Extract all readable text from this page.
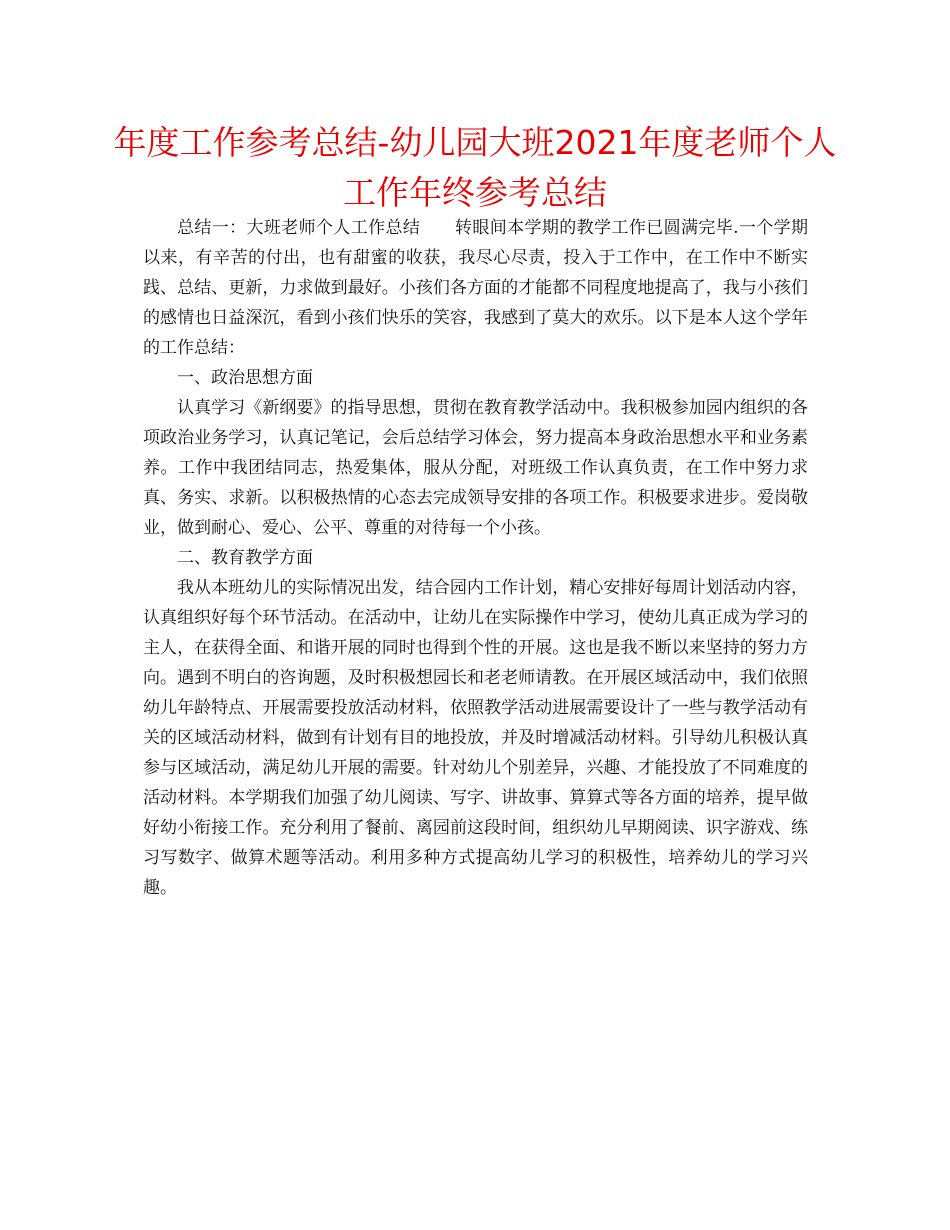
年度工作参考总结-幼儿园大班2021年度老师个人工作年终参考总结

总结一：大班老师个人工作总结　　转眼间本学期的教学工作已圆满完毕.一个学期以来，有辛苦的付出，也有甜蜜的收获，我尽心尽责，投入于工作中，在工作中不断实践、总结、更新，力求做到最好。小孩们各方面的才能都不同程度地提高了，我与小孩们的感情也日益深沉，看到小孩们快乐的笑容，我感到了莫大的欢乐。以下是本人这个学年的工作总结：

一、政治思想方面

认真学习《新纲要》的指导思想，贯彻在教育教学活动中。我积极参加园内组织的各项政治业务学习，认真记笔记，会后总结学习体会，努力提高本身政治思想水平和业务素养。工作中我团结同志，热爱集体，服从分配，对班级工作认真负责，在工作中努力求真、务实、求新。以积极热情的心态去完成领导安排的各项工作。积极要求进步。爱岗敬业，做到耐心、爱心、公平、尊重的对待每一个小孩。

二、教育教学方面

我从本班幼儿的实际情况出发，结合园内工作计划，精心安排好每周计划活动内容，认真组织好每个环节活动。在活动中，让幼儿在实际操作中学习，使幼儿真正成为学习的主人，在获得全面、和谐开展的同时也得到个性的开展。这也是我不断以来坚持的努力方向。遇到不明白的咨询题，及时积极想园长和老老师请教。在开展区域活动中，我们依照幼儿年龄特点、开展需要投放活动材料，依照教学活动进展需要设计了一些与教学活动有关的区域活动材料，做到有计划有目的地投放，并及时增减活动材料。引导幼儿积极认真参与区域活动，满足幼儿开展的需要。针对幼儿个别差异，兴趣、才能投放了不同难度的活动材料。本学期我们加强了幼儿阅读、写字、讲故事、算算式等各方面的培养，提早做好幼小衔接工作。充分利用了餐前、离园前这段时间，组织幼儿早期阅读、识字游戏、练习写数字、做算术题等活动。利用多种方式提高幼儿学习的积极性，培养幼儿的学习兴趣。
